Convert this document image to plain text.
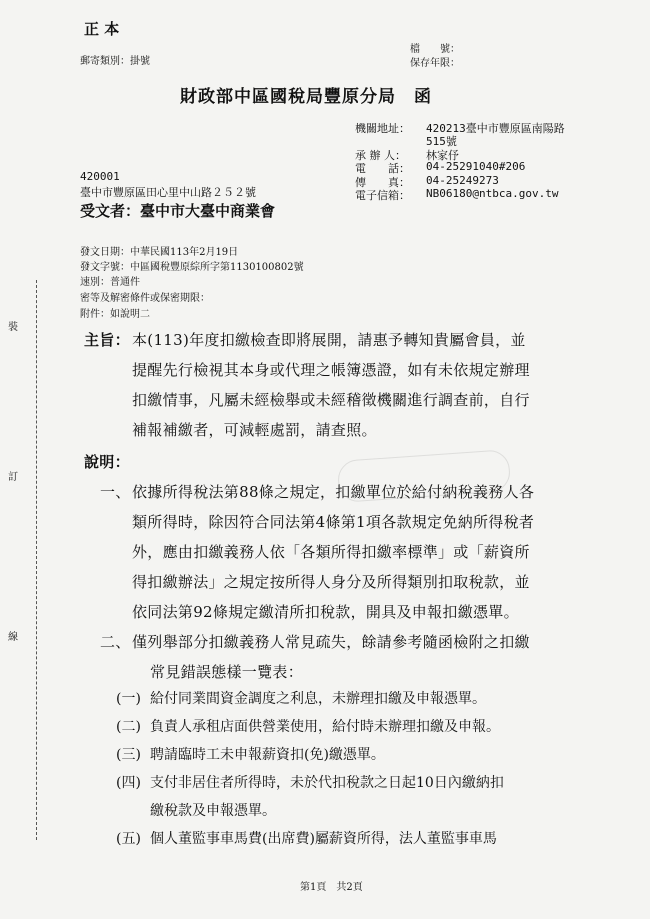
正 本
郵寄類別：掛號
檔　　號：
保存年限：
財政部中區國稅局豐原分局　函
機關地址： 420213臺中市豐原區南陽路
515號
承 辦 人： 林家伃
電　　話： 04-25291040#206
傳　　真： 04-25249273
電子信箱： NB06180@ntbca.gov.tw
420001
臺中市豐原區田心里中山路２５２號
受文者：臺中市大臺中商業會
發文日期：中華民國113年2月19日
發文字號：中區國稅豐原綜所字第1130100802號
速別：普通件
密等及解密條件或保密期限：
附件：如說明二
裝
訂
線
主旨： 本(113)年度扣繳檢查即將展開，請惠予轉知貴屬會員，並
提醒先行檢視其本身或代理之帳簿憑證，如有未依規定辦理
扣繳情事，凡屬未經檢舉或未經稽徵機關進行調查前，自行
補報補繳者，可減輕處罰，請查照。
說明：
一、 依據所得稅法第88條之規定，扣繳單位於給付納稅義務人各
類所得時，除因符合同法第4條第1項各款規定免納所得稅者
外，應由扣繳義務人依「各類所得扣繳率標準」或「薪資所
得扣繳辦法」之規定按所得人身分及所得類別扣取稅款，並
依同法第92條規定繳清所扣稅款，開具及申報扣繳憑單。
二、 僅列舉部分扣繳義務人常見疏失，餘請參考隨函檢附之扣繳
常見錯誤態樣一覽表：
(一) 給付同業間資金調度之利息，未辦理扣繳及申報憑單。
(二) 負責人承租店面供營業使用，給付時未辦理扣繳及申報。
(三) 聘請臨時工未申報薪資扣(免)繳憑單。
(四) 支付非居住者所得時，未於代扣稅款之日起10日內繳納扣
繳稅款及申報憑單。
(五) 個人董監事車馬費(出席費)屬薪資所得，法人董監事車馬
第1頁　共2頁
